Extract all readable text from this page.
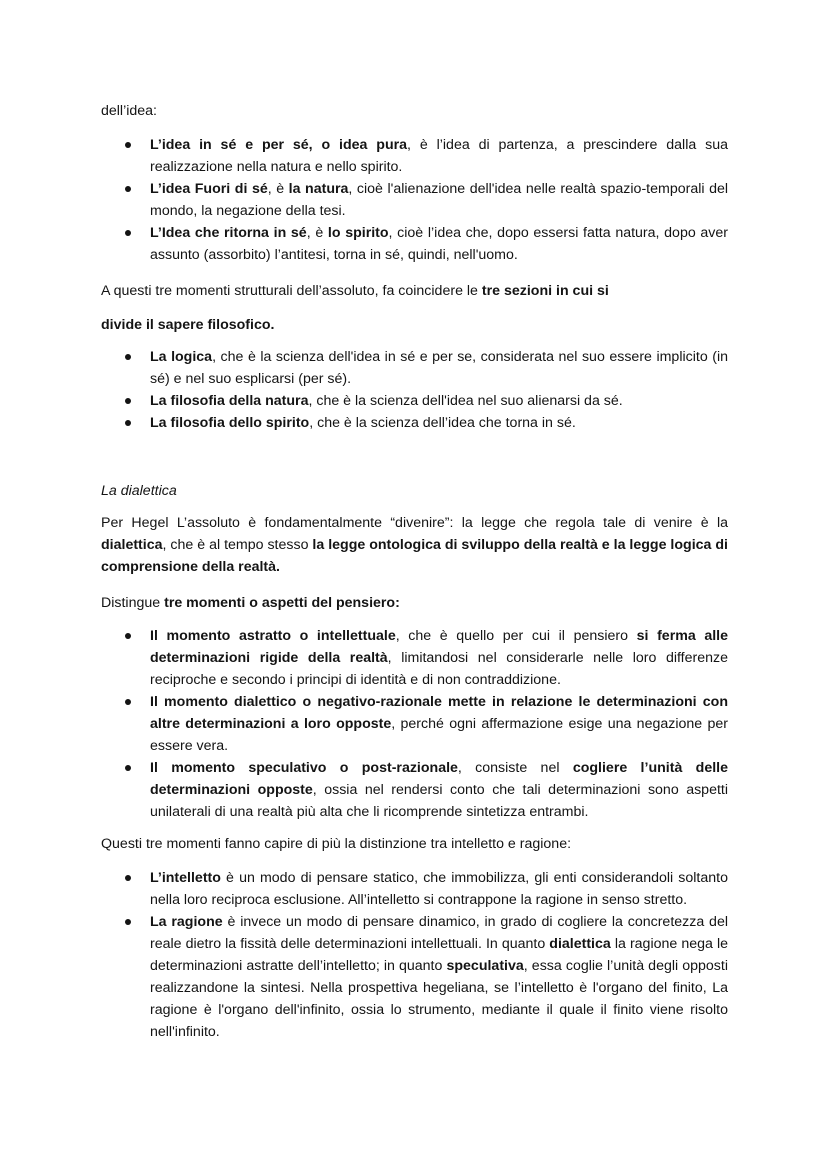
dell’idea:

L’idea in sé e per sé, o idea pura, è l’idea di partenza, a prescindere dalla sua realizzazione nella natura e nello spirito.
L’idea Fuori di sé, è la natura, cioè l'alienazione dell'idea nelle realtà spazio-temporali del mondo, la negazione della tesi.
L’Idea che ritorna in sé, è lo spirito, cioè l’idea che, dopo essersi fatta natura, dopo aver assunto (assorbito) l’antitesi, torna in sé, quindi, nell'uomo.

A questi tre momenti strutturali dell’assoluto, fa coincidere le tre sezioni in cui si

divide il sapere filosofico.

La logica, che è la scienza dell'idea in sé e per se, considerata nel suo essere implicito (in sé) e nel suo esplicarsi (per sé).
La filosofia della natura, che è la scienza dell'idea nel suo alienarsi da sé.
La filosofia dello spirito, che è la scienza dell’idea che torna in sé.

La dialettica

Per Hegel L’assoluto è fondamentalmente “divenire”: la legge che regola tale di venire è la dialettica, che è al tempo stesso la legge ontologica di sviluppo della realtà e la legge logica di comprensione della realtà.

Distingue tre momenti o aspetti del pensiero:

Il momento astratto o intellettuale, che è quello per cui il pensiero si ferma alle determinazioni rigide della realtà, limitandosi nel considerarle nelle loro differenze reciproche e secondo i principi di identità e di non contraddizione.
Il momento dialettico o negativo-razionale mette in relazione le determinazioni con altre determinazioni a loro opposte, perché ogni affermazione esige una negazione per essere vera.
Il momento speculativo o post-razionale, consiste nel cogliere l’unità delle determinazioni opposte, ossia nel rendersi conto che tali determinazioni sono aspetti unilaterali di una realtà più alta che li ricomprende sintetizza entrambi.

Questi tre momenti fanno capire di più la distinzione tra intelletto e ragione:

L’intelletto è un modo di pensare statico, che immobilizza, gli enti considerandoli soltanto nella loro reciproca esclusione. All’intelletto si contrappone la ragione in senso stretto.
La ragione è invece un modo di pensare dinamico, in grado di cogliere la concretezza del reale dietro la fissità delle determinazioni intellettuali. In quanto dialettica la ragione nega le determinazioni astratte dell’intelletto; in quanto speculativa, essa coglie l’unità degli opposti realizzandone la sintesi. Nella prospettiva hegeliana, se l’intelletto è l'organo del finito, La ragione è l'organo dell'infinito, ossia lo strumento, mediante il quale il finito viene risolto nell'infinito.
